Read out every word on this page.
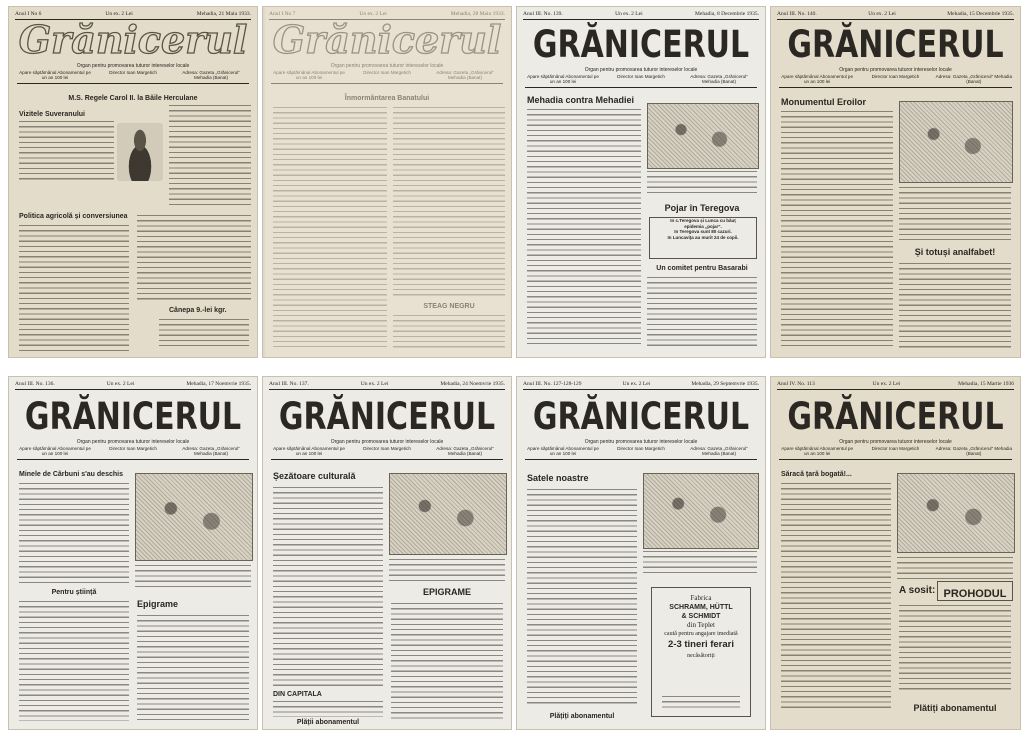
Anul I No 6	Un ex. 2 Lei	Mehadia, 21 Maiu 1933.
Grănicerul
Organ pentru promovarea tuturor intereselor locale
Apare săptămânal Abonamentul pe un an 100 lei
Director Ioan Margetich	Adresa: Gazeta „Grănicerul” Mehadia (Banat)
M.S. Regele Carol II. la Băile Herculane
Vizitele Suveranului
Politica agricolă și conversiunea
Cânepa 9.-lei kgr.
Anul I No 7	Un ex. 2 Lei	Mehadia, 28 Maiu 1933.
Grănicerul
Organ pentru promovarea tuturor intereselor locale
Apare săptămânal Abonamentul pe un an 100 lei
Director Ioan Margetich	Adresa: Gazeta „Grănicerul” Mehadia (Banat)
Înmormântarea Banatului
STEAG NEGRU
Anul III. No. 139.	Un ex. 2 Lei	Mehadia, 8 Decembrie 1935.
GRĂNICERUL
Organ pentru promovarea tuturor intereselor locale
Apare săptămânal Abonamentul pe un an 100 lei
Director Ioan Margetich	Adresa: Gazeta „Grănicerul” Mehadia (Banat)
Mehadia contra Mehadiei
Pojar în Teregova
In c.Teregova și Lunca cu băuț
epidemia „pojar”.
In Teregova sunt 80 cazuri.
In Luncaviţa au murit 24 de copii.
Un comitet pentru Basarabi
Anul III. No. 140.	Un ex. 2 Lei	Mehadia, 15 Decembrie 1935.
GRĂNICERUL
Organ pentru promovarea tuturor intereselor locale
Apare săptămânal Abonamentul pe un an 100 lei
Director Ioan Margetich	Adresa: Gazeta „Grănicerul” Mehadia (Banat)
Monumentul Eroilor
Și totuși analfabet!
Anul III. No. 136.	Un ex. 2 Lei	Mehadia, 17 Noemvrie 1935.
GRĂNICERUL
Organ pentru promovarea tuturor intereselor locale
Apare săptămânal Abonamentul pe un an 100 lei
Director Ioan Margetich	Adresa: Gazeta „Grănicerul” Mehadia (Banat)
Minele de Cărbuni s'au deschis
Pentru știință
Epigrame
Anul III. No. 137.	Un ex. 2 Lei	Mehadia, 24 Noemvrie 1935.
GRĂNICERUL
Organ pentru promovarea tuturor intereselor locale
Apare săptămânal Abonamentul pe un an 100 lei
Director Ioan Margetich	Adresa: Gazeta „Grănicerul” Mehadia (Banat)
Șezătoare culturală
EPIGRAME
DIN CAPITALA
Plății abonamentul
Anul III. No. 127-128-129	Un ex. 2 Lei	Mehadia, 29 Septemvrie 1935.
GRĂNICERUL
Organ pentru promovarea tuturor intereselor locale
Apare săptămânal Abonamentul pe un an 100 lei
Director Ioan Margetich	Adresa: Gazeta „Grănicerul” Mehadia (Banat)
Satele noastre
Plățiți abonamentul
Fabrica
SCHRAMM, HÜTTL
& SCHMIDT
din Teplet
caută pentru angajare imediată
2-3 tineri ferari
necăsătoriți
Anul IV. No. 113	Un ex. 2 Lei	Mehadia, 15 Martie 1936
GRĂNICERUL
Organ pentru promovarea tuturor intereselor locale
Apare săptămânal Abonamentul pe un an 100 lei
Director Ioan Margetich	Adresa: Gazeta „Grănicerul” Mehadia (Banat)
Săracă țară bogată!...
A sosit: PROHODUL
Plătiți abonamentul
